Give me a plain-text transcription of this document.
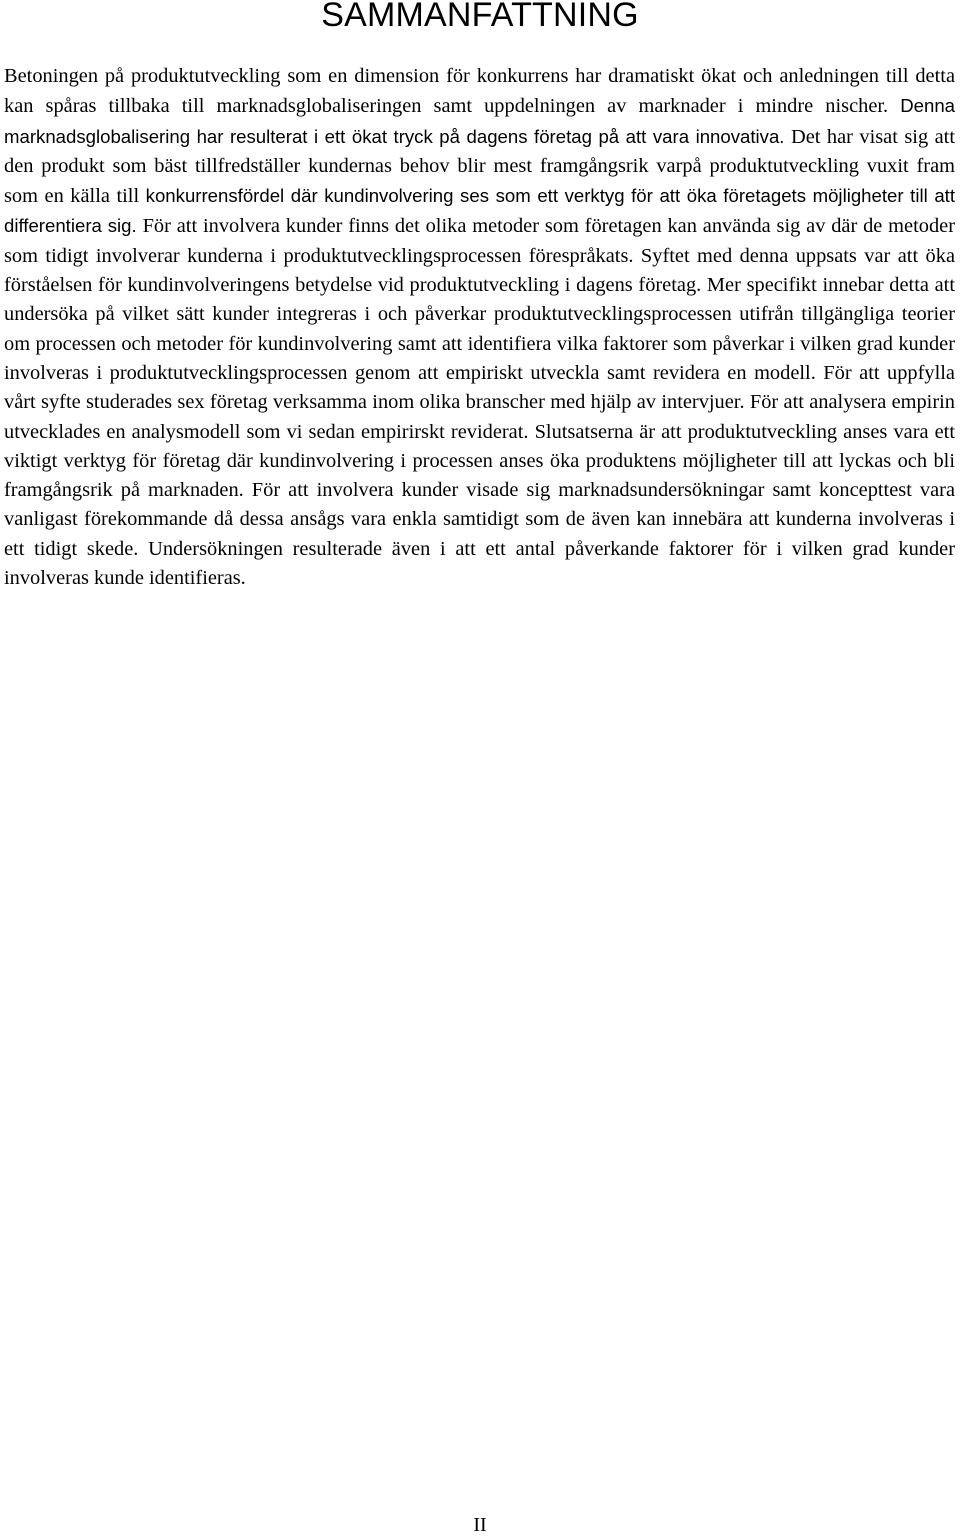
SAMMANFATTNING

Betoningen på produktutveckling som en dimension för konkurrens har dramatiskt ökat och anledningen till detta kan spåras tillbaka till marknadsglobaliseringen samt uppdelningen av marknader i mindre nischer. Denna marknadsglobalisering har resulterat i ett ökat tryck på dagens företag på att vara innovativa. Det har visat sig att den produkt som bäst tillfredställer kundernas behov blir mest framgångsrik varpå produktutveckling vuxit fram som en källa till konkurrensfördel där kundinvolvering ses som ett verktyg för att öka företagets möjligheter till att differentiera sig. För att involvera kunder finns det olika metoder som företagen kan använda sig av där de metoder som tidigt involverar kunderna i produktutvecklingsprocessen förespråkats. Syftet med denna uppsats var att öka förståelsen för kundinvolveringens betydelse vid produktutveckling i dagens företag. Mer specifikt innebar detta att undersöka på vilket sätt kunder integreras i och påverkar produktutvecklingsprocessen utifrån tillgängliga teorier om processen och metoder för kundinvolvering samt att identifiera vilka faktorer som påverkar i vilken grad kunder involveras i produktutvecklingsprocessen genom att empiriskt utveckla samt revidera en modell. För att uppfylla vårt syfte studerades sex företag verksamma inom olika branscher med hjälp av intervjuer. För att analysera empirin utvecklades en analysmodell som vi sedan empirirskt reviderat. Slutsatserna är att produktutveckling anses vara ett viktigt verktyg för företag där kundinvolvering i processen anses öka produktens möjligheter till att lyckas och bli framgångsrik på marknaden. För att involvera kunder visade sig marknadsundersökningar samt koncepttest vara vanligast förekommande då dessa ansågs vara enkla samtidigt som de även kan innebära att kunderna involveras i ett tidigt skede. Undersökningen resulterade även i att ett antal påverkande faktorer för i vilken grad kunder involveras kunde identifieras.

II
